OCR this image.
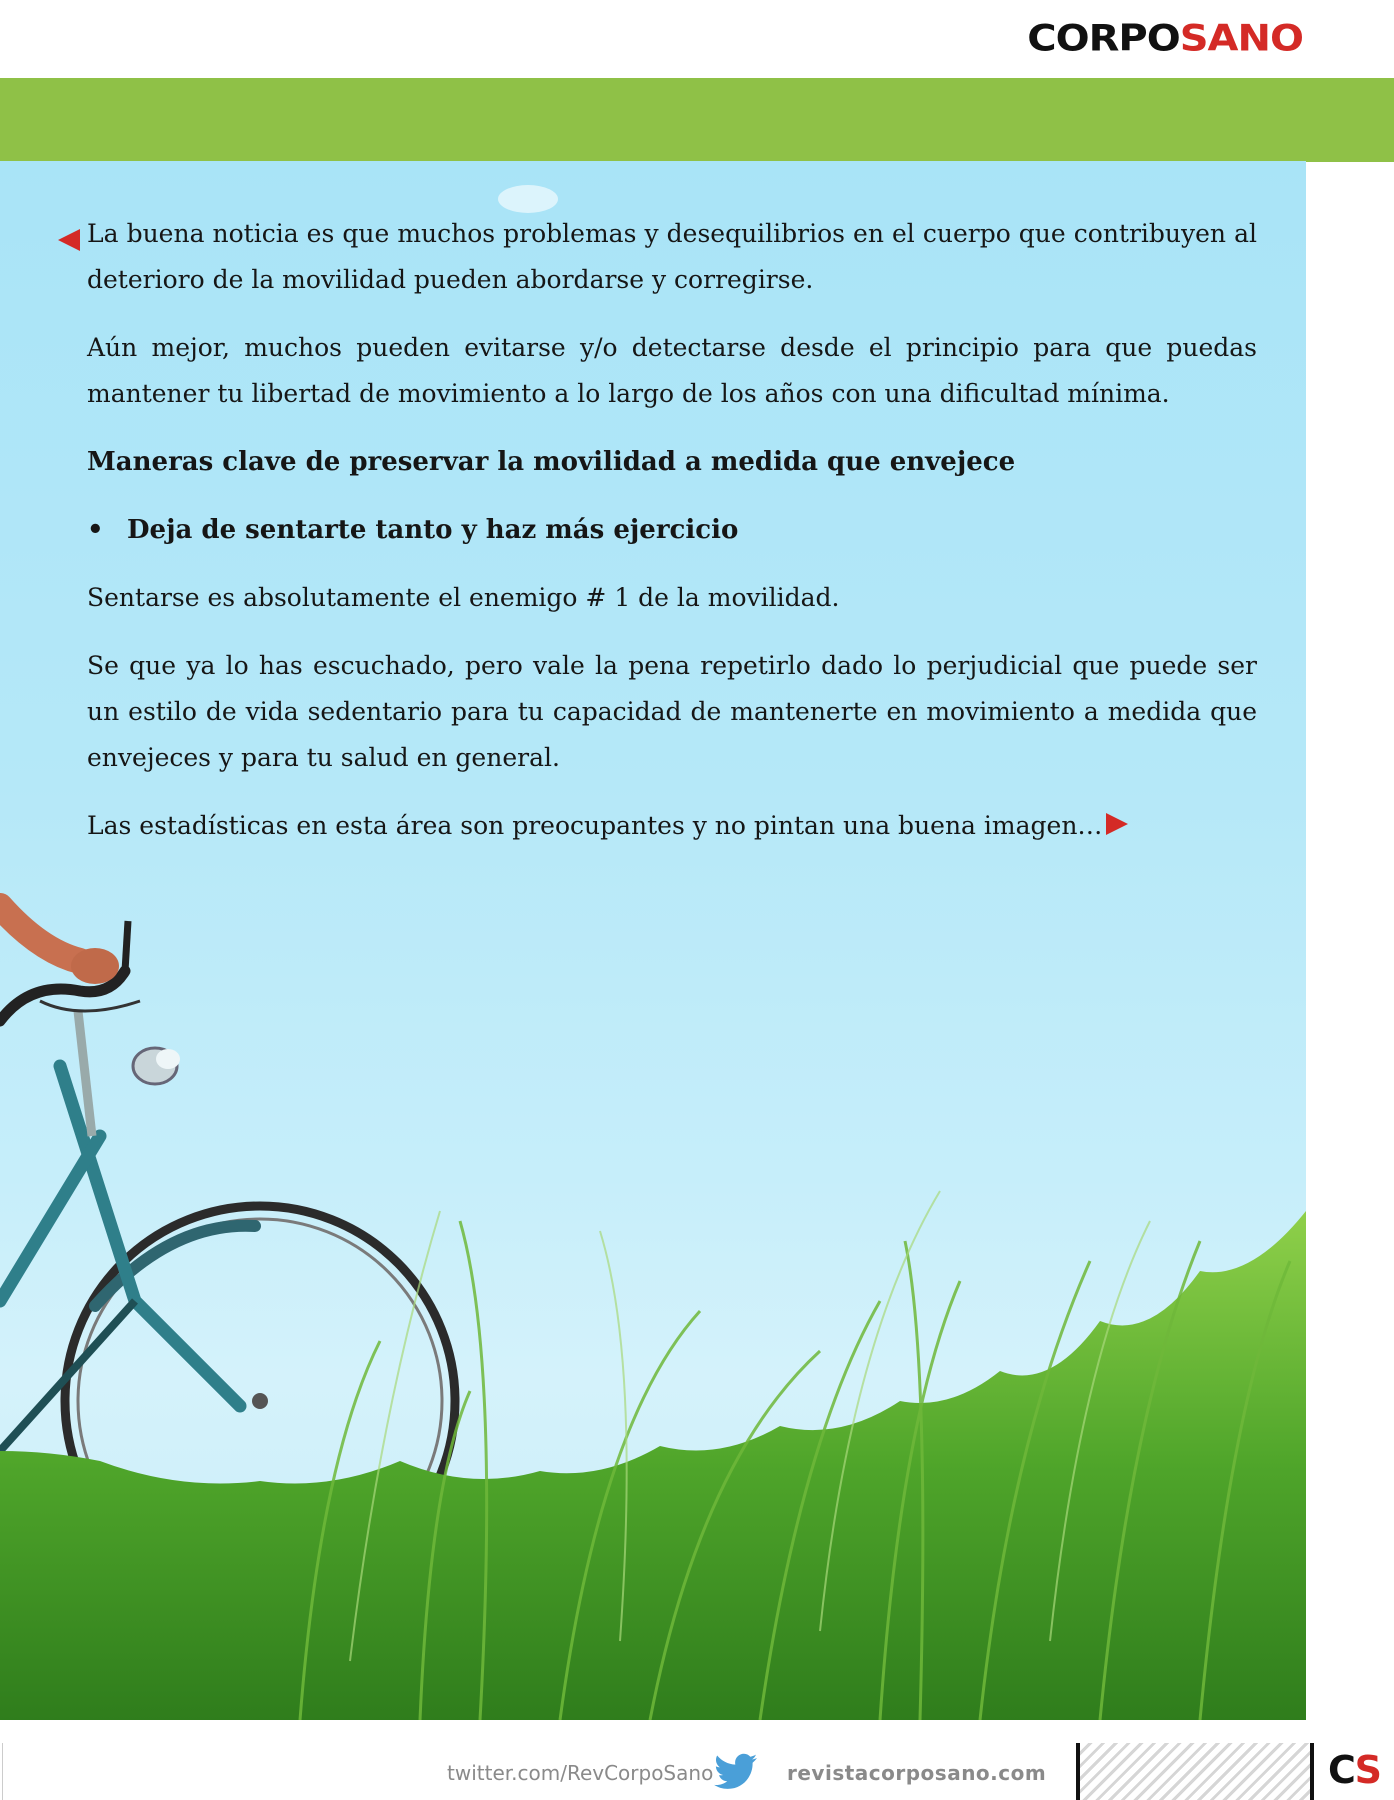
CORPOSANO

La buena noticia es que muchos problemas y desequilibrios en el cuerpo que contribuyen al deterioro de la movilidad pueden abordarse y corregirse.

Aún mejor, muchos pueden evitarse y/o detectarse desde el principio para que puedas mantener tu libertad de movimiento a lo largo de los años con una dificultad mínima.

Maneras clave de preservar la movilidad a medida que envejece
• Deja de sentarte tanto y haz más ejercicio

Sentarse es absolutamente el enemigo # 1 de la movilidad.

Se que ya lo has escuchado, pero vale la pena repetirlo dado lo perjudicial que puede ser un estilo de vida sedentario para tu capacidad de mantenerte en movimiento a medida que envejeces y para tu salud en general.

Las estadísticas en esta área son preocupantes y no pintan una buena imagen…

twitter.com/RevCorpoSano	revistacorposano.com	CS
